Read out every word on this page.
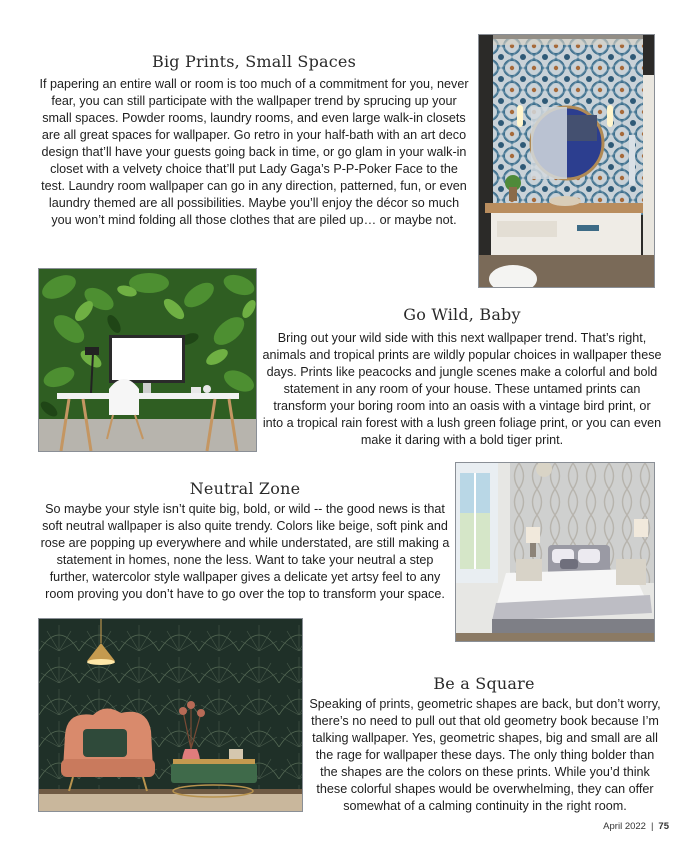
Big Prints, Small Spaces
If papering an entire wall or room is too much of a commitment for you, never fear, you can still participate with the wallpaper trend by sprucing up your small spaces. Powder rooms, laundry rooms, and even large walk-in closets are all great spaces for wallpaper. Go retro in your half-bath with an art deco design that’ll have your guests going back in time, or go glam in your walk-in closet with a velvety choice that’ll put Lady Gaga’s P-P-Poker Face to the test. Laundry room wallpaper can go in any direction, patterned, fun, or even laundry themed are all possibilities. Maybe you’ll enjoy the décor so much you won’t mind folding all those clothes that are piled up… or maybe not.
Go Wild, Baby
Bring out your wild side with this next wallpaper trend. That’s right, animals and tropical prints are wildly popular choices in wallpaper these days. Prints like peacocks and jungle scenes make a colorful and bold statement in any room of your house. These untamed prints can transform your boring room into an oasis with a vintage bird print, or into a tropical rain forest with a lush green foliage print, or you can even make it daring with a bold tiger print.
Neutral Zone
So maybe your style isn’t quite big, bold, or wild -- the good news is that soft neutral wallpaper is also quite trendy. Colors like beige, soft pink and rose are popping up everywhere and while understated, are still making a statement in homes, none the less. Want to take your neutral a step further, watercolor style wallpaper gives a delicate yet artsy feel to any room proving you don’t have to go over the top to transform your space.
Be a Square
Speaking of prints, geometric shapes are back, but don’t worry, there’s no need to pull out that old geometry book because I’m talking wallpaper. Yes, geometric shapes, big and small are all the rage for wallpaper these days. The only thing bolder than the shapes are the colors on these prints. While you’d think these colorful shapes would be overwhelming, they can offer somewhat of a calming continuity in the right room.
April 2022 | 75
